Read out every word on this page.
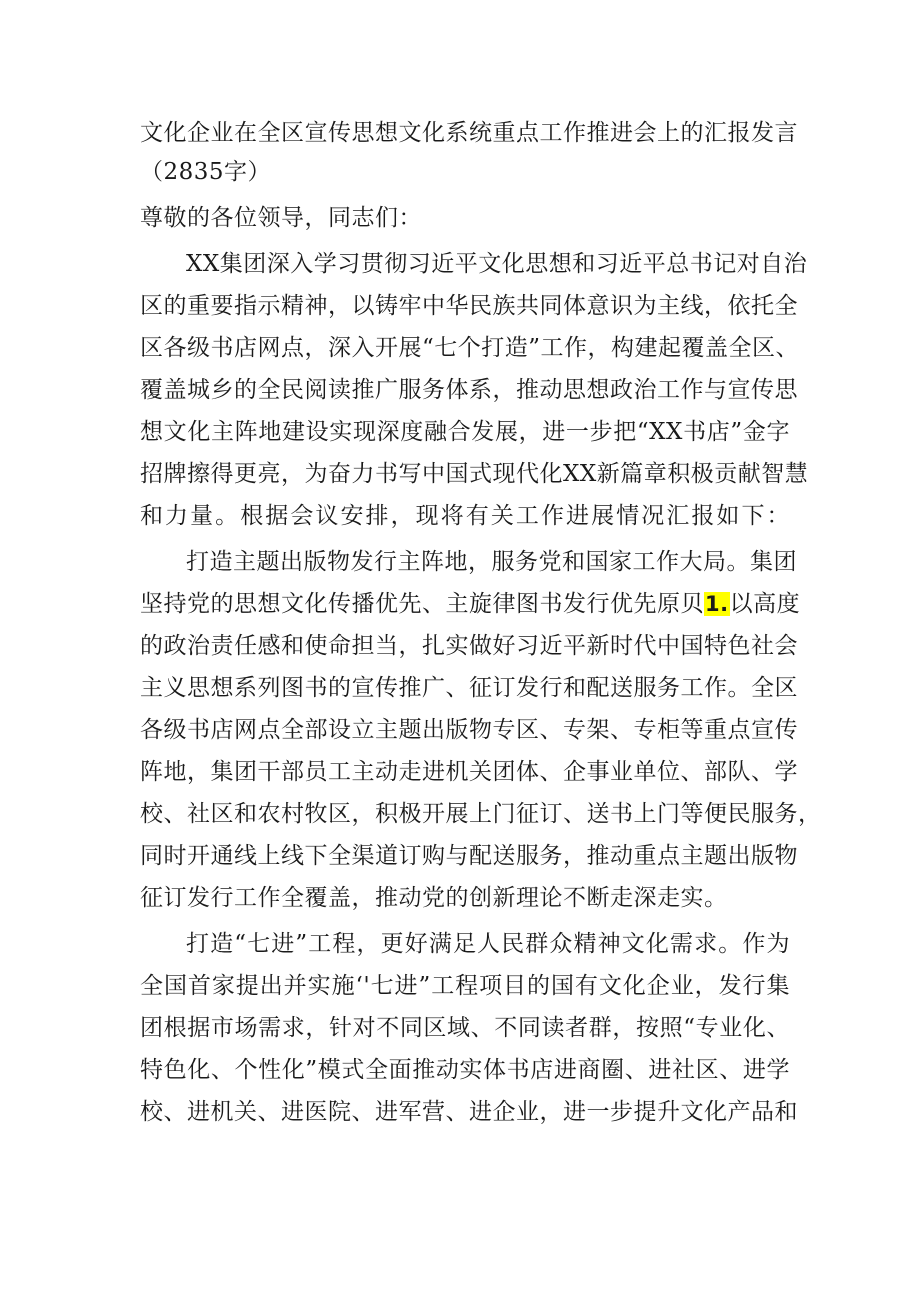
文化企业在全区宣传思想文化系统重点工作推进会上的汇报发言
（2835字）
尊敬的各位领导，同志们：
XX集团深入学习贯彻习近平文化思想和习近平总书记对自治
区的重要指示精神，以铸牢中华民族共同体意识为主线，依托全
区各级书店网点，深入开展“七个打造”工作，构建起覆盖全区、
覆盖城乡的全民阅读推广服务体系，推动思想政治工作与宣传思
想文化主阵地建设实现深度融合发展，进一步把“XX书店”金字
招牌擦得更亮，为奋力书写中国式现代化XX新篇章积极贡献智慧
和力量。根据会议安排，现将有关工作进展情况汇报如下：
打造主题出版物发行主阵地，服务党和国家工作大局。集团
坚持党的思想文化传播优先、主旋律图书发行优先原贝1.以高度
的政治责任感和使命担当，扎实做好习近平新时代中国特色社会
主义思想系列图书的宣传推广、征订发行和配送服务工作。全区
各级书店网点全部设立主题出版物专区、专架、专柜等重点宣传
阵地，集团干部员工主动走进机关团体、企事业单位、部队、学
校、社区和农村牧区，积极开展上门征订、送书上门等便民服务，
同时开通线上线下全渠道订购与配送服务，推动重点主题出版物
征订发行工作全覆盖，推动党的创新理论不断走深走实。
打造“七进”工程，更好满足人民群众精神文化需求。作为
全国首家提出并实施‘'七进”工程项目的国有文化企业，发行集
团根据市场需求，针对不同区域、不同读者群，按照“专业化、
特色化、个性化”模式全面推动实体书店进商圈、进社区、进学
校、进机关、进医院、进军营、进企业，进一步提升文化产品和
